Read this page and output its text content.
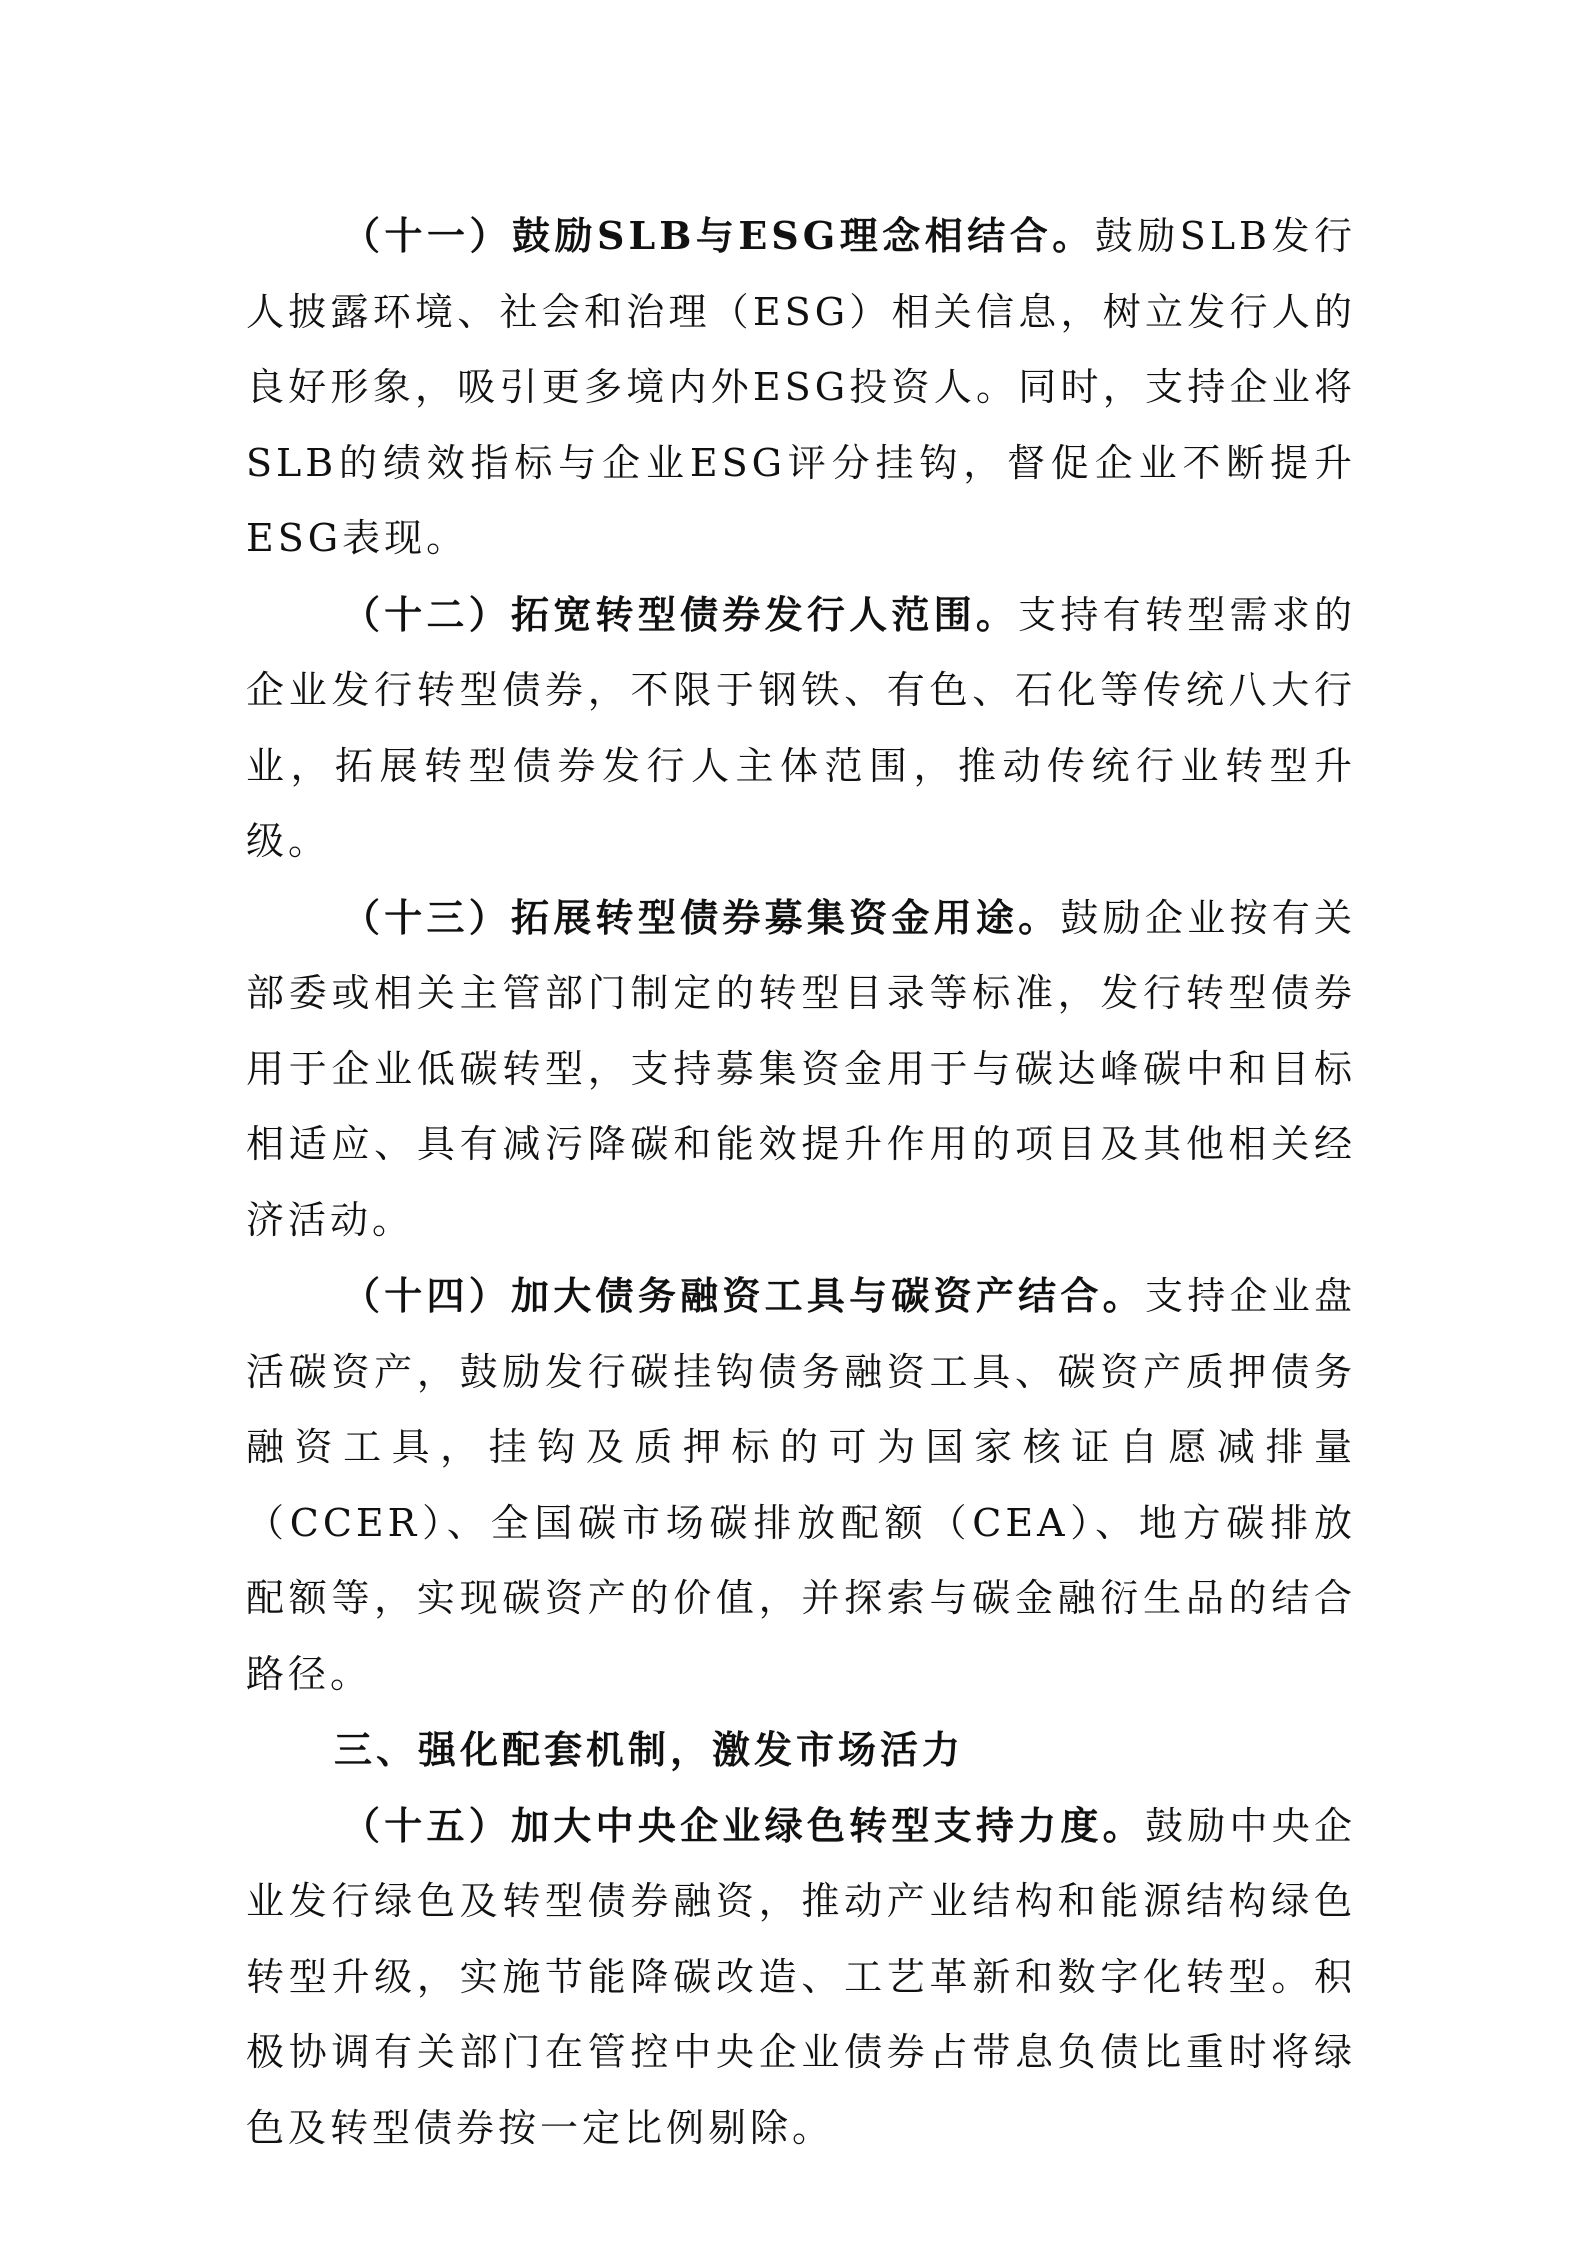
（十一）鼓励SLB与ESG理念相结合。鼓励SLB发行人披露环境、社会和治理（ESG）相关信息，树立发行人的良好形象，吸引更多境内外ESG投资人。同时，支持企业将SLB的绩效指标与企业ESG评分挂钩，督促企业不断提升ESG表现。

（十二）拓宽转型债券发行人范围。支持有转型需求的企业发行转型债券，不限于钢铁、有色、石化等传统八大行业，拓展转型债券发行人主体范围，推动传统行业转型升级。

（十三）拓展转型债券募集资金用途。鼓励企业按有关部委或相关主管部门制定的转型目录等标准，发行转型债券用于企业低碳转型，支持募集资金用于与碳达峰碳中和目标相适应、具有减污降碳和能效提升作用的项目及其他相关经济活动。

（十四）加大债务融资工具与碳资产结合。支持企业盘活碳资产，鼓励发行碳挂钩债务融资工具、碳资产质押债务融资工具，挂钩及质押标的可为国家核证自愿减排量（CCER）、全国碳市场碳排放配额（CEA）、地方碳排放配额等，实现碳资产的价值，并探索与碳金融衍生品的结合路径。

三、强化配套机制，激发市场活力

（十五）加大中央企业绿色转型支持力度。鼓励中央企业发行绿色及转型债券融资，推动产业结构和能源结构绿色转型升级，实施节能降碳改造、工艺革新和数字化转型。积极协调有关部门在管控中央企业债券占带息负债比重时将绿色及转型债券按一定比例剔除。
